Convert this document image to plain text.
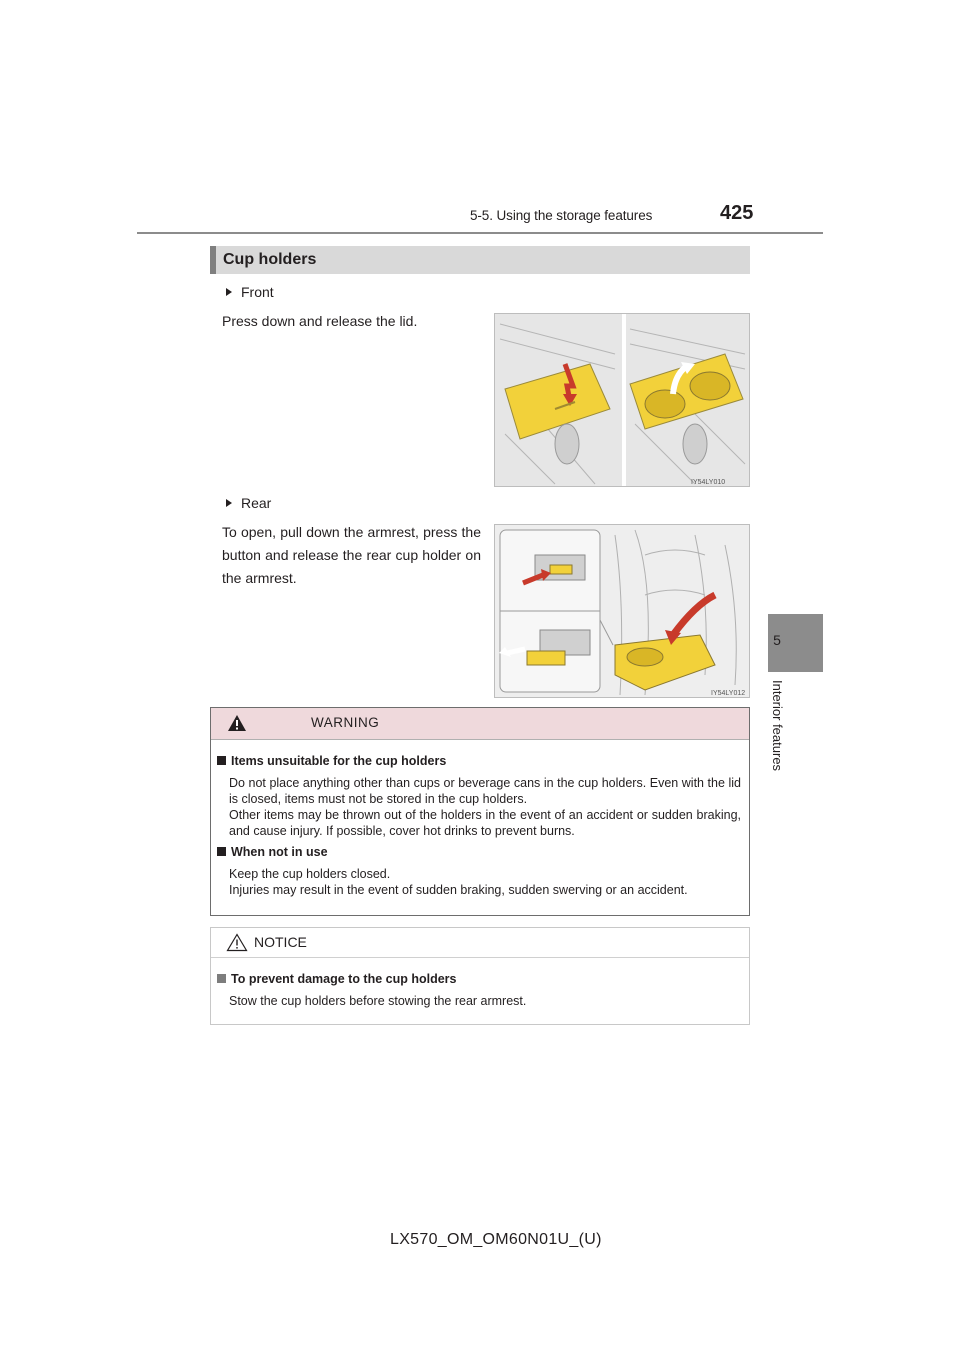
5-5. Using the storage features	425
5
Interior features
Cup holders
Front
Press down and release the lid.
IY54LY010
Rear
To open, pull down the armrest, press the button and release the rear cup holder on the armrest.
IY54LY012
WARNING
Items unsuitable for the cup holders
Do not place anything other than cups or beverage cans in the cup holders. Even with the lid is closed, items must not be stored in the cup holders.
Other items may be thrown out of the holders in the event of an accident or sudden braking, and cause injury. If possible, cover hot drinks to prevent burns.
When not in use
Keep the cup holders closed.
Injuries may result in the event of sudden braking, sudden swerving or an accident.
NOTICE
To prevent damage to the cup holders
Stow the cup holders before stowing the rear armrest.
LX570_OM_OM60N01U_(U)
